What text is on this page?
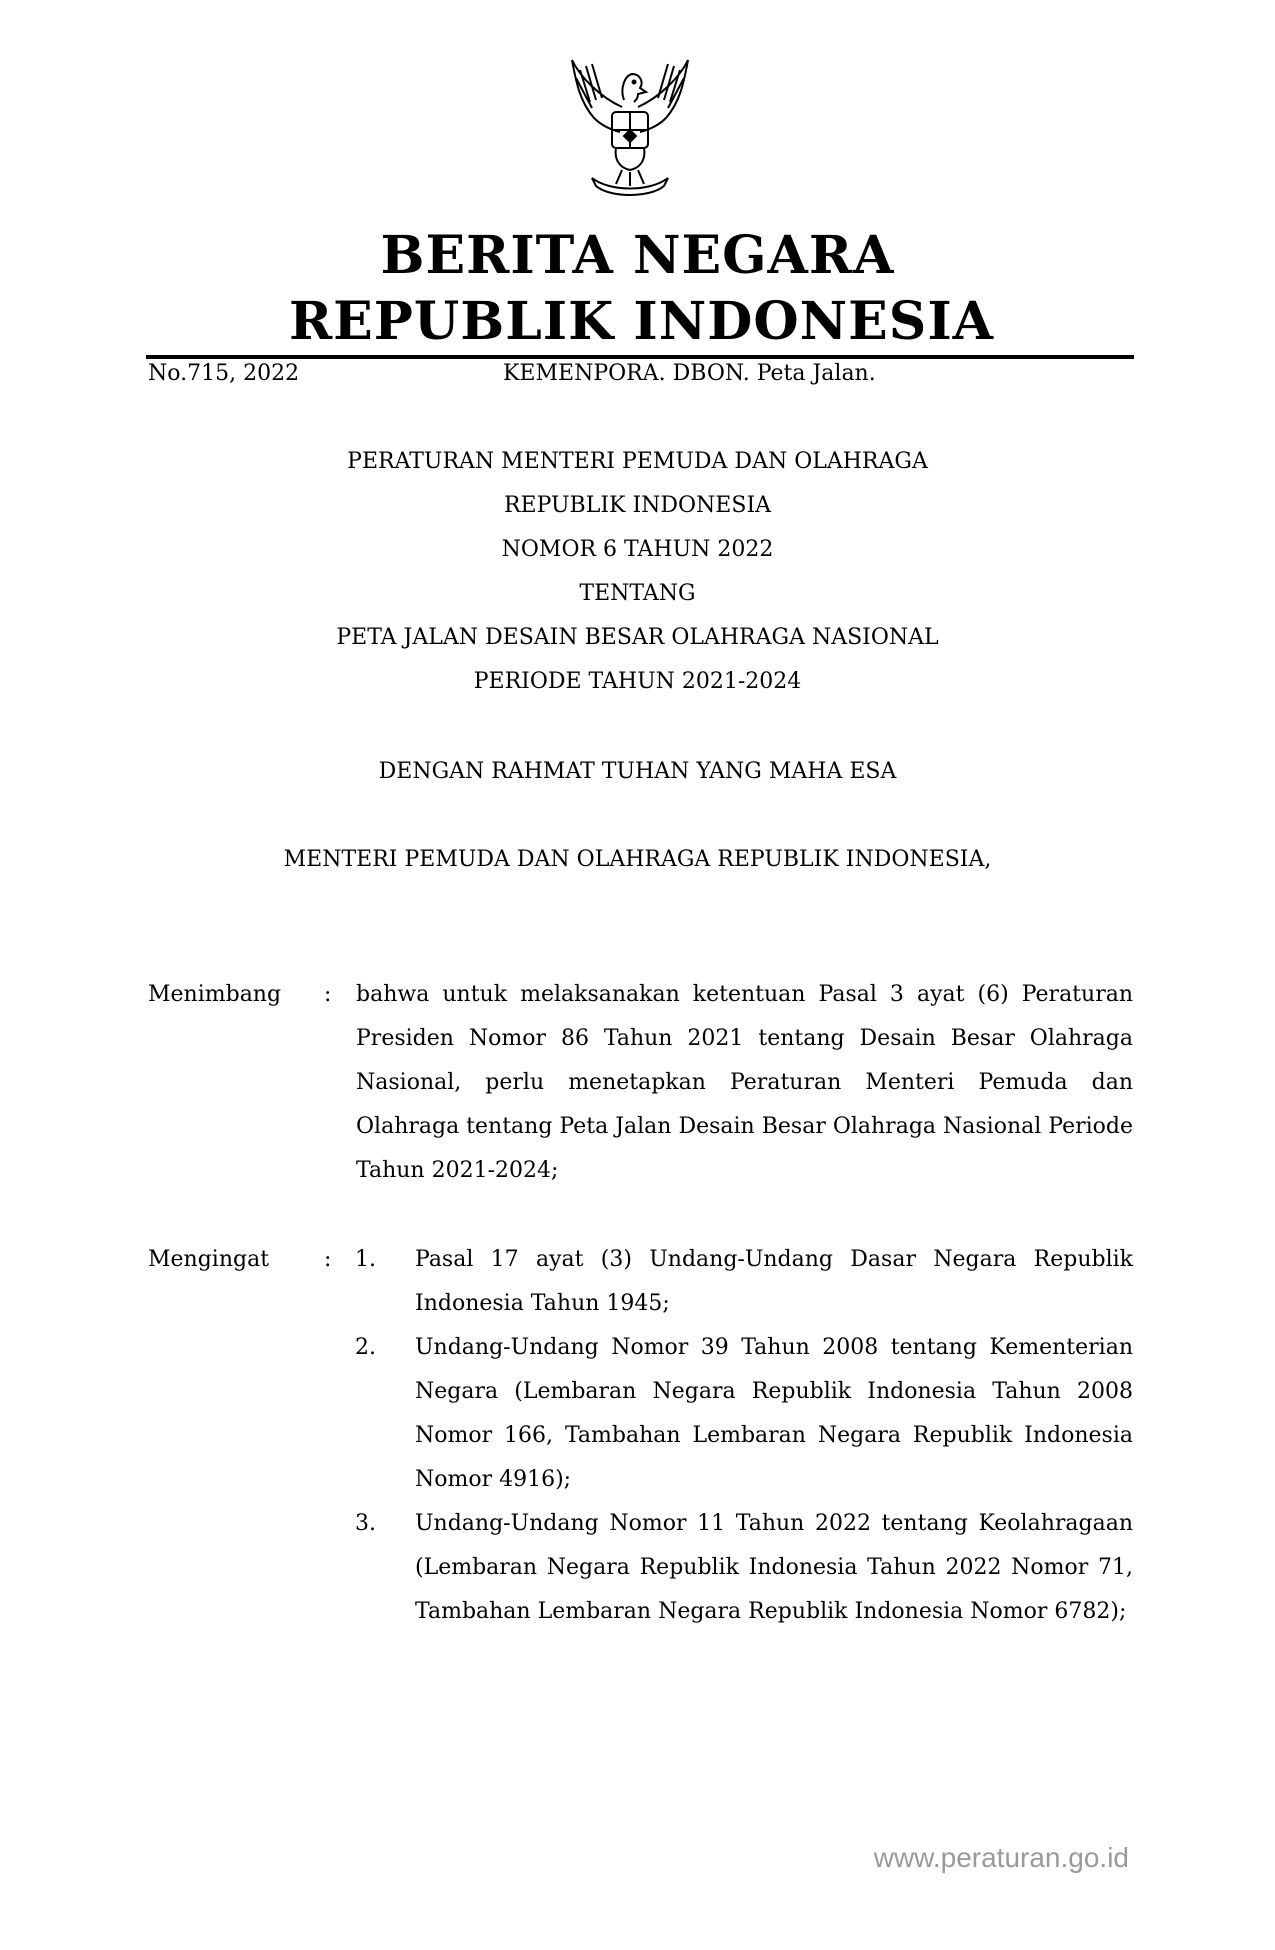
BERITA NEGARA
REPUBLIK INDONESIA
No.715, 2022	KEMENPORA. DBON. Peta Jalan.
PERATURAN MENTERI PEMUDA DAN OLAHRAGA
REPUBLIK INDONESIA
NOMOR 6 TAHUN 2022
TENTANG
PETA JALAN DESAIN BESAR OLAHRAGA NASIONAL
PERIODE TAHUN 2021-2024
DENGAN RAHMAT TUHAN YANG MAHA ESA
MENTERI PEMUDA DAN OLAHRAGA REPUBLIK INDONESIA,
Menimbang : bahwa untuk melaksanakan ketentuan Pasal 3 ayat (6) Peraturan Presiden Nomor 86 Tahun 2021 tentang Desain Besar Olahraga Nasional, perlu menetapkan Peraturan Menteri Pemuda dan Olahraga tentang Peta Jalan Desain Besar Olahraga Nasional Periode Tahun 2021-2024;
Mengingat : 1. Pasal 17 ayat (3) Undang-Undang Dasar Negara Republik Indonesia Tahun 1945;
2. Undang-Undang Nomor 39 Tahun 2008 tentang Kementerian Negara (Lembaran Negara Republik Indonesia Tahun 2008 Nomor 166, Tambahan Lembaran Negara Republik Indonesia Nomor 4916);
3. Undang-Undang Nomor 11 Tahun 2022 tentang Keolahragaan (Lembaran Negara Republik Indonesia Tahun 2022 Nomor 71, Tambahan Lembaran Negara Republik Indonesia Nomor 6782);
www.peraturan.go.id
